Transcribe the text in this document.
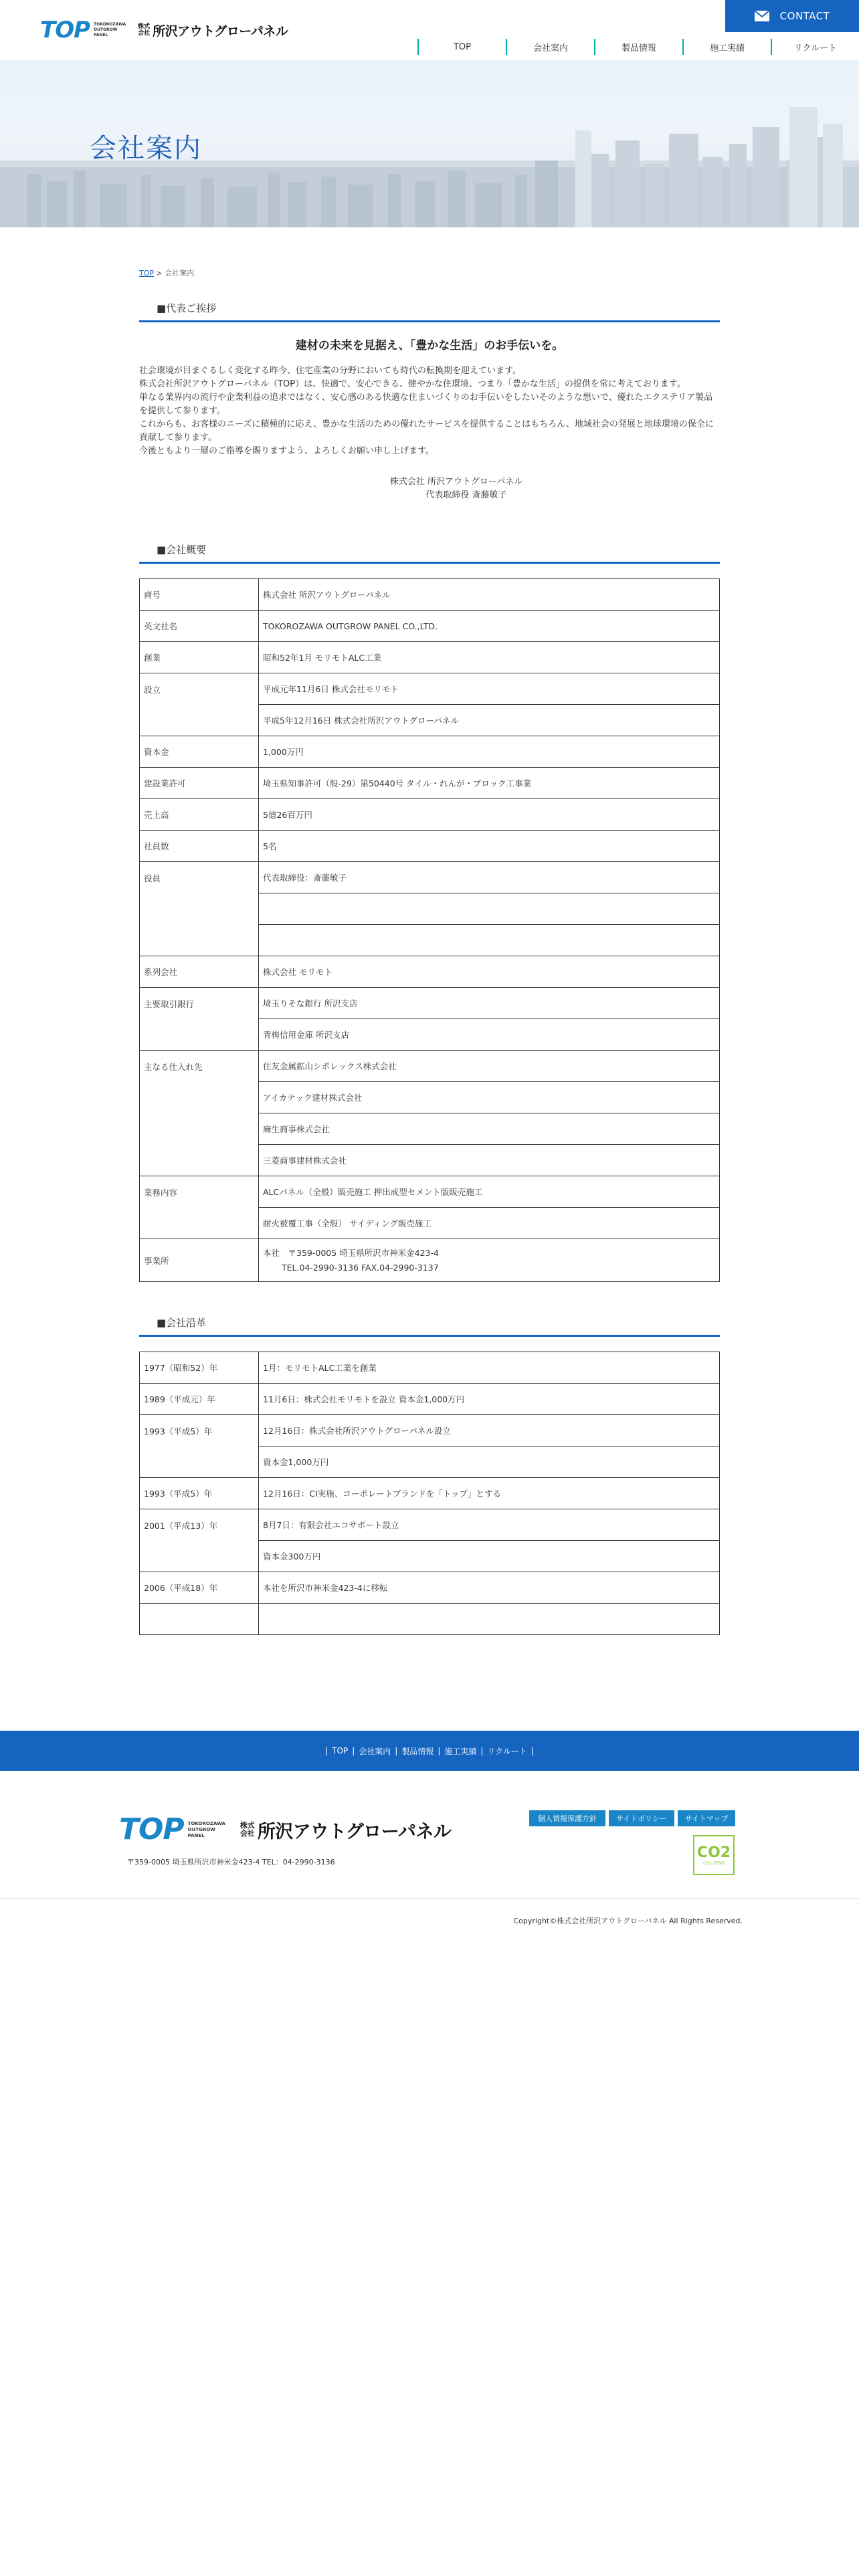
TOP TOKOROZAWA
OUTGROW
PANEL
株式
会社 所沢アウトグローパネル
CONTACT
TOP	会社案内	製品情報	施工実績	リクルート
会社案内
TOP > 会社案内
■代表ご挨拶
建材の未来を見据え、「豊かな生活」のお手伝いを。

社会環境が目まぐるしく変化する昨今、住宅産業の分野においても時代の転換期を迎えています。

株式会社所沢アウトグローパネル（TOP）は、快適で、安心できる、健やかな住環境、つまり「豊かな生活」の提供を常に考えております。

単なる業界内の流行や企業利益の追求ではなく、安心感のある快適な住まいづくりのお手伝いをしたいそのような想いで、優れたエクステリア製品を提供して参ります。

これからも、お客様のニーズに積極的に応え、豊かな生活のための優れたサービスを提供することはもちろん、地域社会の発展と地球環境の保全に貢献して参ります。

今後ともより一層のご指導を賜りますよう、よろしくお願い申し上げます。

株式会社 所沢アウトグローパネル
代表取締役 斎藤敏子
■会社概要
商号	株式会社 所沢アウトグローパネル
英文社名	TOKOROZAWA OUTGROW PANEL CO.,LTD.
創業	昭和52年1月 モリモトALC工業
設立	平成元年11月6日 株式会社モリモト
	平成5年12月16日 株式会社所沢アウトグローパネル
資本金	1,000万円
建設業許可	埼玉県知事許可（般-29）第50440号 タイル・れんが・ブロック工事業
売上高	5億26百万円
社員数	5名
役員	代表取締役：斎藤敏子

系列会社	株式会社 モリモト
主要取引銀行	埼玉りそな銀行 所沢支店
	青梅信用金庫 所沢支店
主なる仕入れ先	住友金属鉱山シポレックス株式会社
	アイカテック建材株式会社
	麻生商事株式会社
	三菱商事建材株式会社
業務内容	ALCパネル（全般）販売施工 押出成型セメント版販売施工
	耐火被覆工事（全般） サイディング販売施工
事業所	本社　〒359-0005 埼玉県所沢市神米金423-4
TEL.04-2990-3136 FAX.04-2990-3137
■会社沿革
1977（昭和52）年	1月：モリモトALC工業を創業
1989（平成元）年	11月6日：株式会社モリモトを設立 資本金1,000万円
1993（平成5）年	12月16日：株式会社所沢アウトグローパネル設立
	資本金1,000万円
1993（平成5）年	12月16日：CI実施、コーポレートブランドを「トップ」とする
2001（平成13）年	8月7日：有限会社エコサポート設立
	資本金300万円
2006（平成18）年	本社を所沢市神米金423-4に移転

| TOP | 会社案内 | 製品情報 | 施工実績 | リクルート |
TOP TOKOROZAWA
OUTGROW
PANEL
株式
会社 所沢アウトグローパネル
〒359-0005 埼玉県所沢市神米金423-4 TEL：04-2990-3136
個人情報保護方針	サイトポリシー	サイトマップ
CO2
CO2 ZERO
Copyright©株式会社所沢アウトグローパネル All Rights Reserved.
